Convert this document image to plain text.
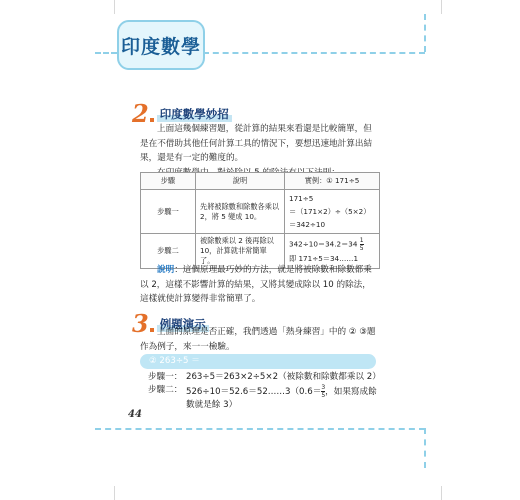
印度數學
2 印度數學妙招

上面這幾個練習題，從計算的結果來看還是比較簡單，但是在不借助其他任何計算工具的情況下，要想迅速地計算出結果，還是有一定的難度的。

步驟	說明	實例：① 171÷5
步驟一	先將被除數和除數各乘以 2，將 5 變成 10。	171÷5
＝（171×2）÷（5×2）
＝342÷10

步驟二	被除數乘以 2 後再除以 10，計算就非常簡單了。	$342\div 10=34.2=34 \frac{1}{5}$
即 171÷5＝34……1

說明：這個原理最巧妙的方法，就是將被除數和除數都乘以 2，這樣不影響計算的結果，又將其變成除以 10 的除法，這樣就使計算變得非常簡單了。

3 例題演示

上面的原理是否正確，我們透過「熱身練習」中的 ② ③題作為例子，來一一檢驗。

② 263÷5 ＝
步驟一： 263÷5＝263×2÷5×2（被除數和除數都乘以 2）
步驟二： $526\div 10=52.6=52\dots\dots 3(0.6=\frac{3}{5}$ ，如果寫成餘
數就是餘 3）
44
